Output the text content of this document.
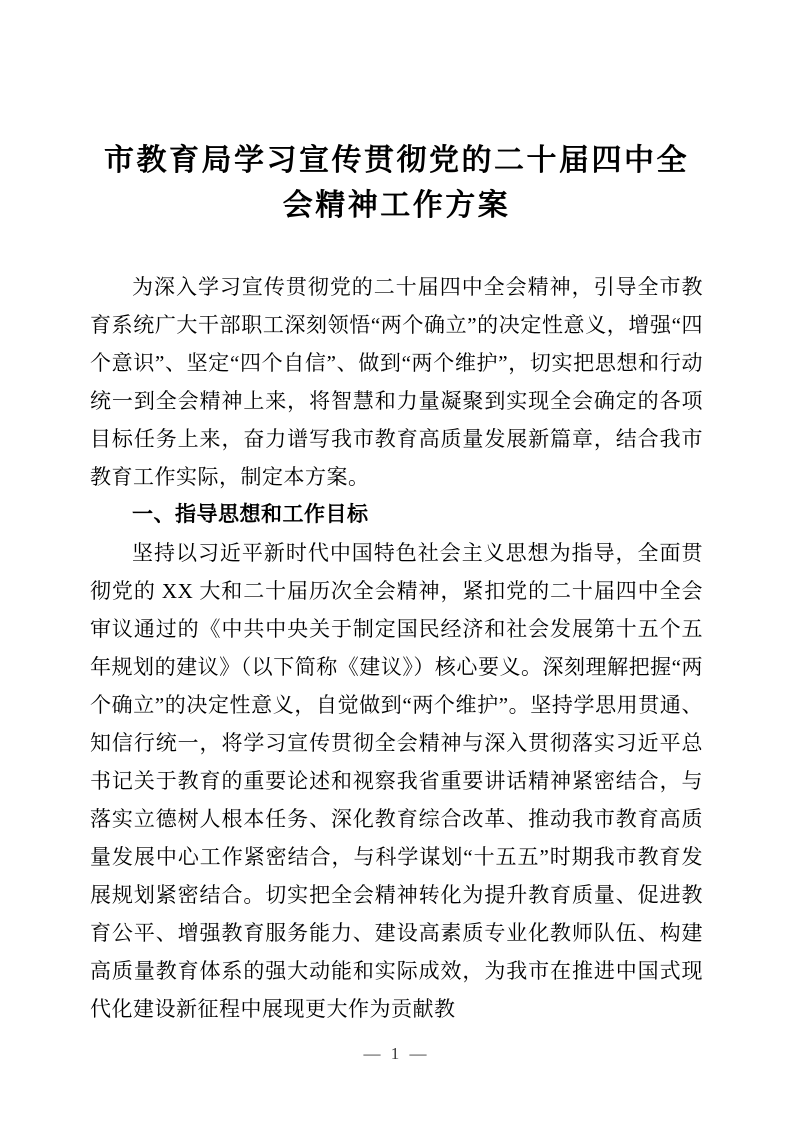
市教育局学习宣传贯彻党的二十届四中全会精神工作方案

为深入学习宣传贯彻党的二十届四中全会精神，引导全市教育系统广大干部职工深刻领悟“两个确立”的决定性意义，增强“四个意识”、坚定“四个自信”、做到“两个维护”，切实把思想和行动统一到全会精神上来，将智慧和力量凝聚到实现全会确定的各项目标任务上来，奋力谱写我市教育高质量发展新篇章，结合我市教育工作实际，制定本方案。

一、指导思想和工作目标

坚持以习近平新时代中国特色社会主义思想为指导，全面贯彻党的 XX 大和二十届历次全会精神，紧扣党的二十届四中全会审议通过的《中共中央关于制定国民经济和社会发展第十五个五年规划的建议》（以下简称《建议》）核心要义。深刻理解把握“两个确立”的决定性意义，自觉做到“两个维护”。坚持学思用贯通、知信行统一，将学习宣传贯彻全会精神与深入贯彻落实习近平总书记关于教育的重要论述和视察我省重要讲话精神紧密结合，与落实立德树人根本任务、深化教育综合改革、推动我市教育高质量发展中心工作紧密结合，与科学谋划“十五五”时期我市教育发展规划紧密结合。切实把全会精神转化为提升教育质量、促进教育公平、增强教育服务能力、建设高素质专业化教师队伍、构建高质量教育体系的强大动能和实际成效，为我市在推进中国式现代化建设新征程中展现更大作为贡献教

— 1 —
